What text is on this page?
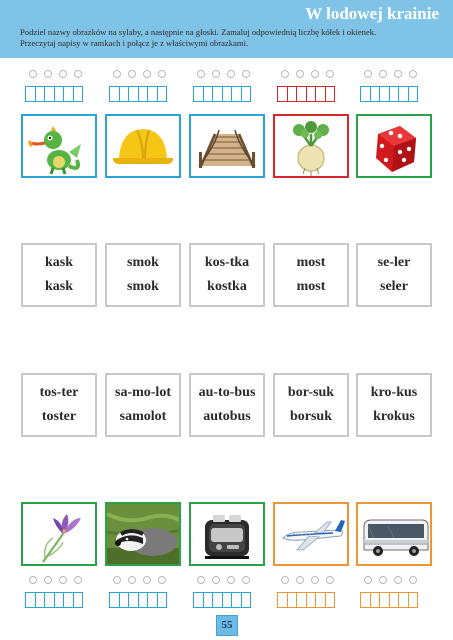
W lodowej krainie
Podziel nazwy obrazków na sylaby, a następnie na głoski. Zamaluj odpowiednią liczbę kółek i okienek.
Przeczytaj napisy w ramkach i połącz je z właściwymi obrazkami.
kask
kask
smok
smok
kos-tka
kostka
most
most
se-ler
seler
tos-ter
toster
sa-mo-lot
samolot
au-to-bus
autobus
bor-suk
borsuk
kro-kus
krokus
55
